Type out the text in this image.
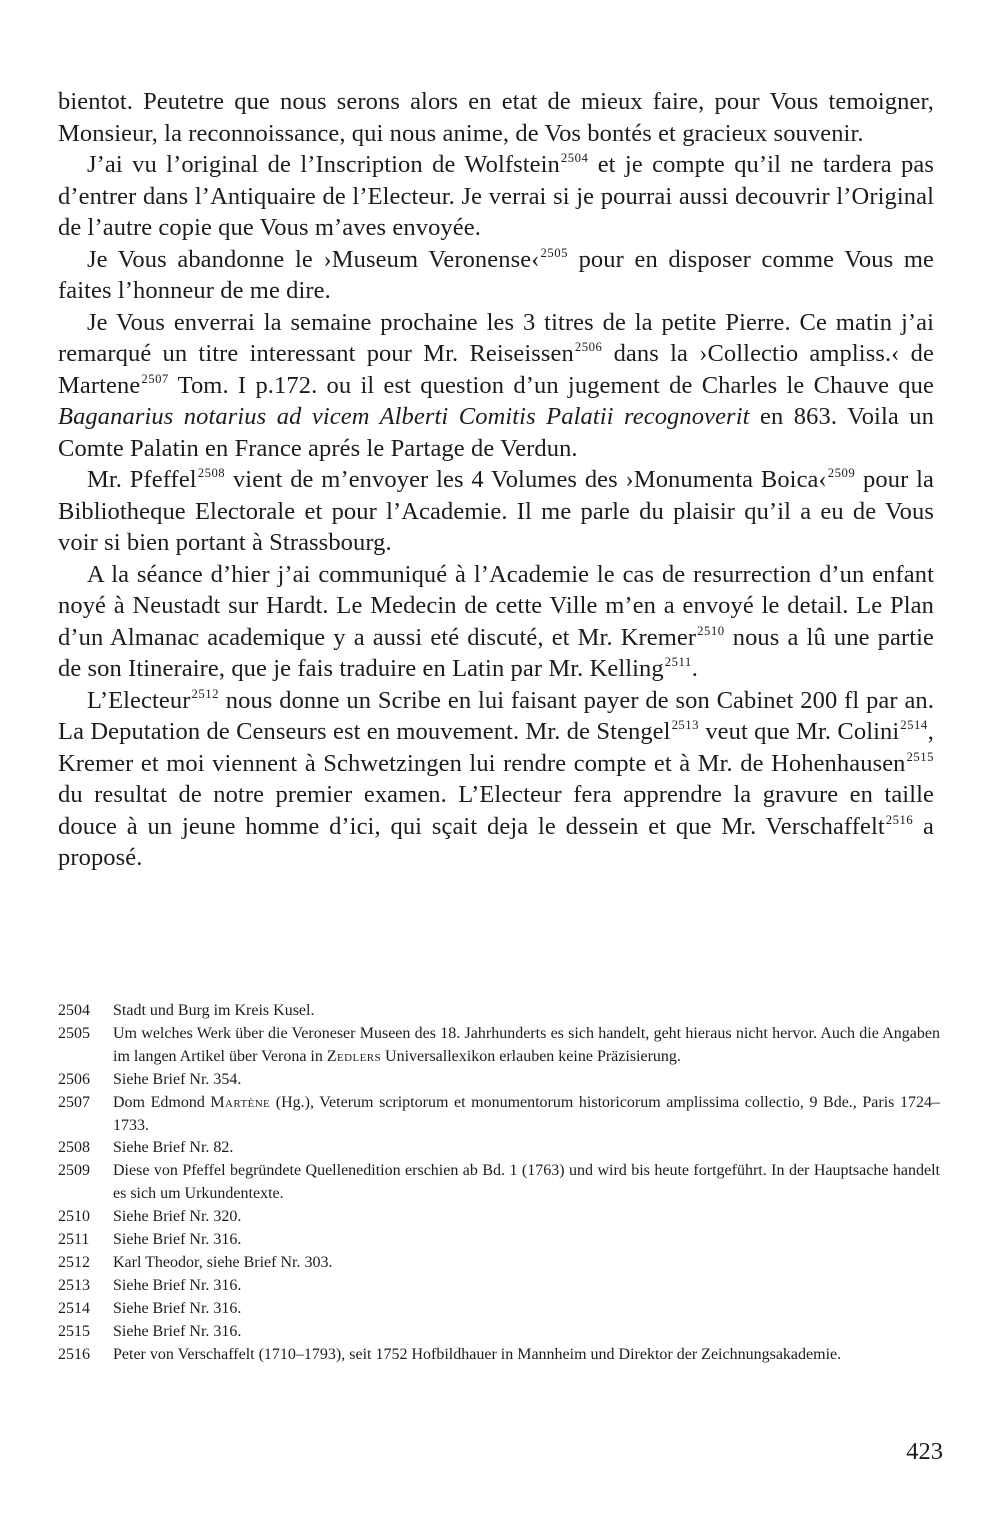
bientot. Peutetre que nous serons alors en etat de mieux faire, pour Vous temoigner, Monsieur, la reconnoissance, qui nous anime, de Vos bontés et gracieux souvenir.

J’ai vu l’original de l’Inscription de Wolfstein$^{2504}$ et je compte qu’il ne tardera pas d’entrer dans l’Antiquaire de l’Electeur. Je verrai si je pourrai aussi decouvrir l’Original de l’autre copie que Vous m’aves envoyée.

Je Vous abandonne le ›Museum Veronense‹$^{2505}$ pour en disposer comme Vous me faites l’honneur de me dire.

Je Vous enverrai la semaine prochaine les 3 titres de la petite Pierre. Ce matin j’ai remarqué un titre interessant pour Mr. Reiseissen$^{2506}$ dans la ›Collectio ampliss.‹ de Martene$^{2507}$ Tom. I p.172. ou il est question d’un jugement de Charles le Chauve que Baganarius notarius ad vicem Alberti Comitis Palatii recognoverit en 863. Voila un Comte Palatin en France aprés le Partage de Verdun.

Mr. Pfeffel$^{2508}$ vient de m’envoyer les 4 Volumes des ›Monumenta Boica‹$^{2509}$ pour la Bibliotheque Electorale et pour l’Academie. Il me parle du plaisir qu’il a eu de Vous voir si bien portant à Strassbourg.

A la séance d’hier j’ai communiqué à l’Academie le cas de resurrection d’un enfant noyé à Neustadt sur Hardt. Le Medecin de cette Ville m’en a envoyé le detail. Le Plan d’un Almanac academique y a aussi eté discuté, et Mr. Kremer$^{2510}$ nous a lû une partie de son Itineraire, que je fais traduire en Latin par Mr. Kelling$^{2511}$.

L’Electeur$^{2512}$ nous donne un Scribe en lui faisant payer de son Cabinet 200 fl par an. La Deputation de Censeurs est en mouvement. Mr. de Stengel$^{2513}$ veut que Mr. Colini$^{2514}$, Kremer et moi viennent à Schwetzingen lui rendre compte et à Mr. de Hohenhausen$^{2515}$ du resultat de notre premier examen. L’Electeur fera apprendre la gravure en taille douce à un jeune homme d’ici, qui sçait deja le dessein et que Mr. Verschaffelt$^{2516}$ a proposé.

2504	Stadt und Burg im Kreis Kusel.
2505	Um welches Werk über die Veroneser Museen des 18. Jahrhunderts es sich handelt, geht hieraus nicht hervor. Auch die Angaben im langen Artikel über Verona in Zedlers Universallexikon erlauben keine Präzisierung.
2506	Siehe Brief Nr. 354.
2507	Dom Edmond Martène (Hg.), Veterum scriptorum et monumentorum historicorum amplissima collectio, 9 Bde., Paris 1724–1733.
2508	Siehe Brief Nr. 82.
2509	Diese von Pfeffel begründete Quellenedition erschien ab Bd. 1 (1763) und wird bis heute fortgeführt. In der Hauptsache handelt es sich um Urkundentexte.
2510	Siehe Brief Nr. 320.
2511	Siehe Brief Nr. 316.
2512	Karl Theodor, siehe Brief Nr. 303.
2513	Siehe Brief Nr. 316.
2514	Siehe Brief Nr. 316.
2515	Siehe Brief Nr. 316.
2516	Peter von Verschaffelt (1710–1793), seit 1752 Hofbildhauer in Mannheim und Direktor der Zeichnungsakademie.
423
